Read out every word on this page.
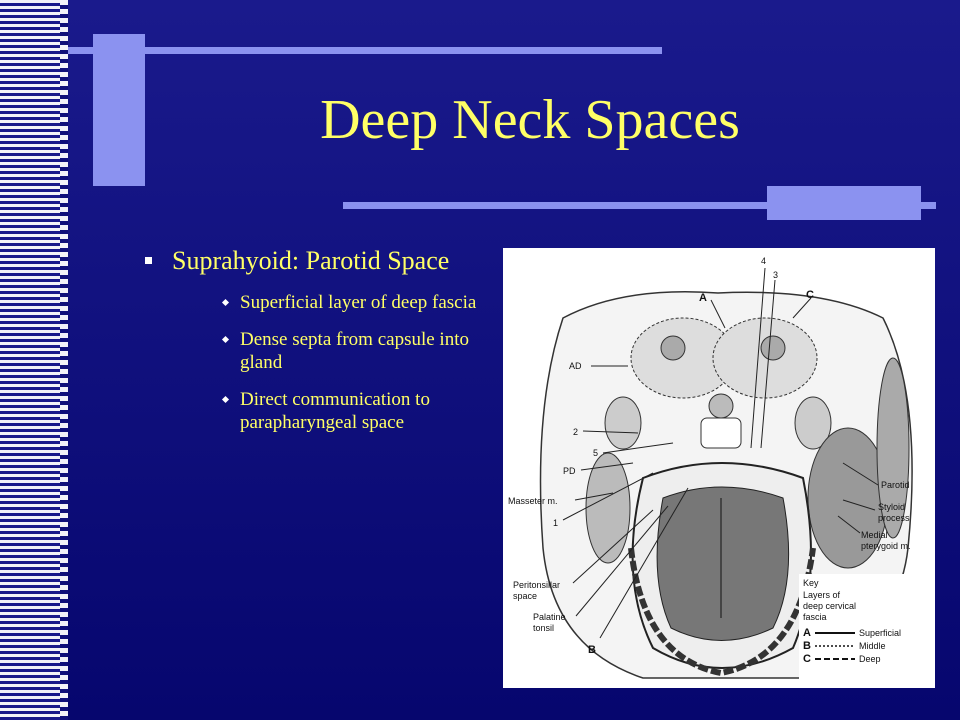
Deep Neck Spaces
Suprahyoid: Parotid Space
Superficial layer of deep fascia
Dense septa from capsule into gland
Direct communication to parapharyngeal space
4
3
A	C
AD
2
5
PD
Masseter m.
1
Parotid
Styloid
process
Medial
pterygoid m.
Peritonsillar
space
Palatine
tonsil
B
Key
Layers of
deep cervical
fascia
A	Superficial
B	Middle
C	Deep
